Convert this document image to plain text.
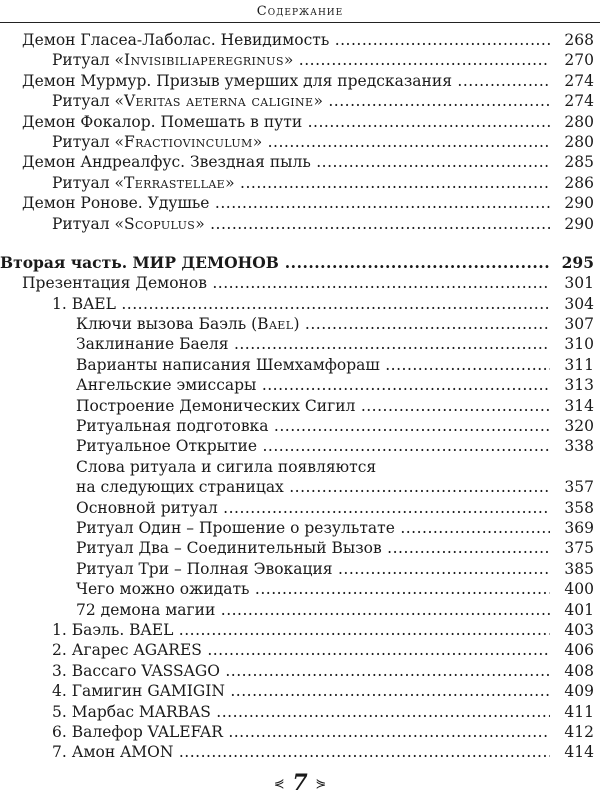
Содержание
Демон Гласеа-Лаболас. Невидимость .....	268
Ритуал «Invisibiliaperegrinus» .....	270
Демон Мурмур. Призыв умерших для предсказания .....	274
Ритуал «Veritas aeterna caligine» .....	274
Демон Фокалор. Помешать в пути .....	280
Ритуал «Fractiovinculum» .....	280
Демон Андреалфус. Звездная пыль .....	285
Ритуал «Terrastellae» .....	286
Демон Ронове. Удушье .....	290
Ритуал «Scopulus» .....	290
Вторая часть. МИР ДЕМОНОВ .....	295
Презентация Демонов .....	301
1. BAEL .....	304
Ключи вызова Баэль (Bael) .....	307
Заклинание Баеля .....	310
Варианты написания Шемхамфораш .....	311
Ангельские эмиссары .....	313
Построение Демонических Сигил .....	314
Ритуальная подготовка .....	320
Ритуальное Открытие .....	338
Слова ритуала и сигила появляются
на следующих страницах .....	357
Основной ритуал .....	358
Ритуал Один – Прошение о результате .....	369
Ритуал Два – Соединительный Вызов .....	375
Ритуал Три – Полная Эвокация .....	385
Чего можно ожидать .....	400
72 демона магии .....	401
1. Баэль. BAEL .....	403
2. Агарес AGARES .....	406
3. Вассаго VASSAGO .....	408
4. Гамигин GAMIGIN .....	409
5. Марбас MARBAS .....	411
6. Валефор VALEFAR .....	412
7. Амон AMON .....	414
⋞ 7 ⋟
